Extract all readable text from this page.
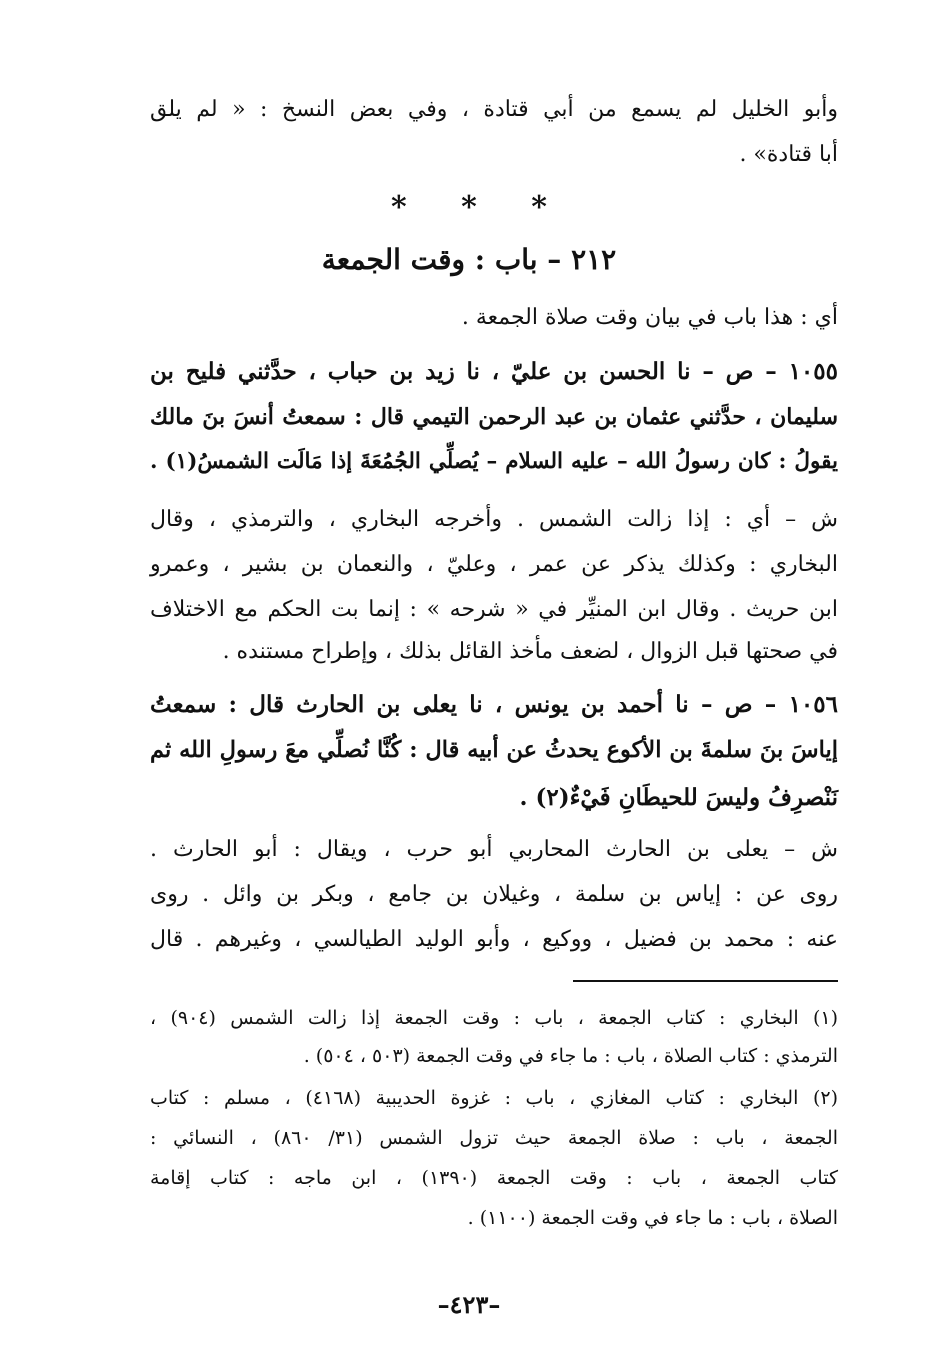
وأبو الخليل لم يسمع من أبي قتادة ، وفي بعض النسخ : « لم يلق
أبا قتادة» .
* * *
٢١٢ – باب : وقت الجمعة
أي : هذا باب في بيان وقت صلاة الجمعة .
١٠٥٥ – ص – نا الحسن بن عليّ ، نا زيد بن حباب ، حدَّثني فليح بن
سليمان ، حدَّثني عثمان بن عبد الرحمن التيمي قال : سمعتُ أنسَ بنَ مالك
يقولُ : كان رسولُ الله – عليه السلام – يُصلِّي الجُمُعَةَ إذا مَالَت الشمسُ(١) .
ش – أي : إذا زالت الشمس . وأخرجه البخاري ، والترمذي ، وقال
البخاري : وكذلك يذكر عن عمر ، وعليّ ، والنعمان بن بشير ، وعمرو
ابن حريث . وقال ابن المنيِّر في « شرحه » : إنما بت الحكم مع الاختلاف
في صحتها قبل الزوال ، لضعف مأخذ القائل بذلك ، وإطراح مستنده .
١٠٥٦ – ص – نا أحمد بن يونس ، نا يعلى بن الحارث قال : سمعتُ
إياسَ بنَ سلمةَ بن الأكوع يحدثُ عن أبيه قال : كُنَّا نُصلِّي معَ رسولِ الله ثم
نَنْصرِفُ وليسَ للحيطَانِ فَيْءٌ(٢) .
ش – يعلى بن الحارث المحاربي أبو حرب ، ويقال : أبو الحارث .
روى عن : إياس بن سلمة ، وغيلان بن جامع ، وبكر بن وائل . روى
عنه : محمد بن فضيل ، ووكيع ، وأبو الوليد الطيالسي ، وغيرهم . قال
(١) البخاري : كتاب الجمعة ، باب : وقت الجمعة إذا زالت الشمس (٩٠٤) ،
الترمذي : كتاب الصلاة ، باب : ما جاء في وقت الجمعة (٥٠٣ ، ٥٠٤) .
(٢) البخاري : كتاب المغازي ، باب : غزوة الحديبية (٤١٦٨) ، مسلم : كتاب
الجمعة ، باب : صلاة الجمعة حيث تزول الشمس (٣١/ ٨٦٠) ، النسائي :
كتاب الجمعة ، باب : وقت الجمعة (١٣٩٠) ، ابن ماجه : كتاب إقامة
الصلاة ، باب : ما جاء في وقت الجمعة (١١٠٠) .
–٤٢٣–
